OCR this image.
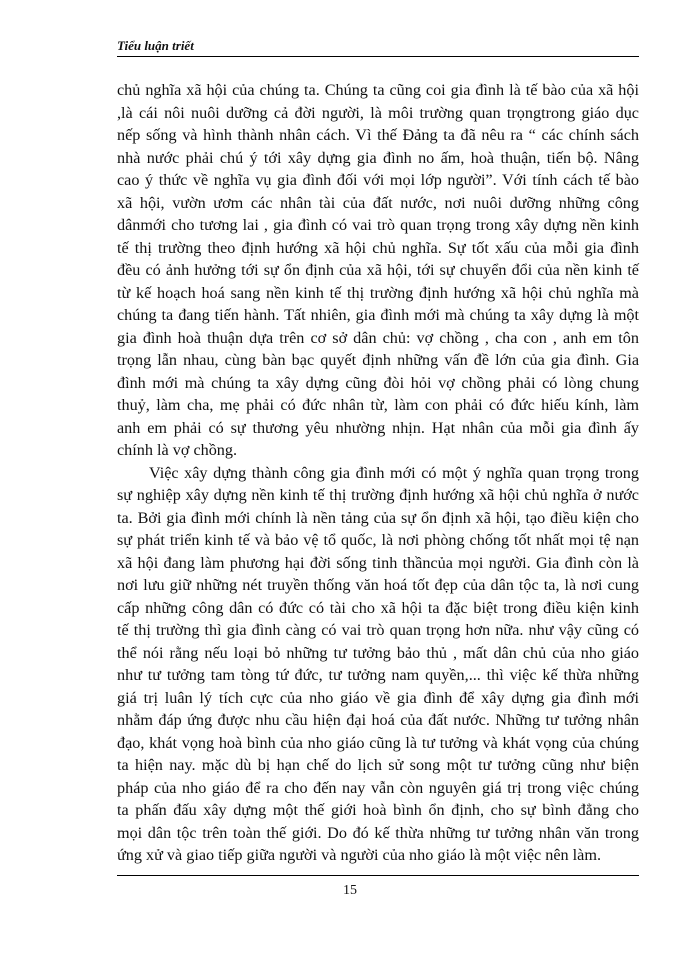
Tiểu luận triết
chủ nghĩa xã hội của chúng ta. Chúng ta cũng coi gia đình là tế bào của xã hội
,là cái nôi nuôi dưỡng cả đời người, là môi trường quan trọngtrong giáo dục
nếp sống và hình thành nhân cách. Vì thế Đảng ta đã nêu ra “ các chính sách
nhà nước phải chú ý tới xây dựng gia đình no ấm, hoà thuận, tiến bộ. Nâng
cao ý thức về nghĩa vụ gia đình đối với mọi lớp người”. Với tính cách tế bào
xã hội, vườn ươm các nhân tài của đất nước, nơi nuôi dưỡng những công
dânmới cho tương lai , gia đình có vai trò quan trọng trong xây dựng nền kinh
tế thị trường theo định hướng xã hội chủ nghĩa. Sự tốt xấu của mỗi gia đình
đều có ảnh hưởng tới sự ổn định của xã hội, tới sự chuyển đổi của nền kinh tế
từ kế hoạch hoá sang nền kinh tế thị trường định hướng xã hội chủ nghĩa mà
chúng ta đang tiến hành. Tất nhiên, gia đình mới mà chúng ta xây dựng là một
gia đình hoà thuận dựa trên cơ sở dân chủ: vợ chồng , cha con , anh em tôn
trọng lẫn nhau, cùng bàn bạc quyết định những vấn đề lớn của gia đình. Gia
đình mới mà chúng ta xây dựng cũng đòi hỏi vợ chồng phải có lòng chung
thuỷ, làm cha, mẹ phải có đức nhân từ, làm con phải có đức hiếu kính, làm
anh em phải có sự thương yêu nhường nhịn. Hạt nhân của mỗi gia đình ấy
chính là vợ chồng.
Việc xây dựng thành công gia đình mới có một ý nghĩa quan trọng trong
sự nghiệp xây dựng nền kinh tế thị trường định hướng xã hội chủ nghĩa ở nước
ta. Bởi gia đình mới chính là nền tảng của sự ổn định xã hội, tạo điều kiện cho
sự phát triển kinh tế và bảo vệ tổ quốc, là nơi phòng chống tốt nhất mọi tệ nạn
xã hội đang làm phương hại đời sống tinh thầncủa mọi người. Gia đình còn là
nơi lưu giữ những nét truyền thống văn hoá tốt đẹp của dân tộc ta, là nơi cung
cấp những công dân có đức có tài cho xã hội ta đặc biệt trong điều kiện kinh
tế thị trường thì gia đình càng có vai trò quan trọng hơn nữa. như vậy cũng có
thể nói rằng nếu loại bỏ những tư tưởng bảo thủ , mất dân chủ của nho giáo
như tư tưởng tam tòng tứ đức, tư tưởng nam quyền,... thì việc kế thừa những
giá trị luân lý tích cực của nho giáo về gia đình để xây dựng gia đình mới
nhằm đáp ứng được nhu cầu hiện đại hoá của đất nước. Những tư tưởng nhân
đạo, khát vọng hoà bình của nho giáo cũng là tư tưởng và khát vọng của chúng
ta hiện nay. mặc dù bị hạn chế do lịch sử song một tư tưởng cũng như biện
pháp của nho giáo để ra cho đến nay vẫn còn nguyên giá trị trong việc chúng
ta phấn đấu xây dựng một thế giới hoà bình ổn định, cho sự bình đẳng cho
mọi dân tộc trên toàn thế giới. Do đó kế thừa những tư tưởng nhân văn trong
ứng xử và giao tiếp giữa người và người của nho giáo là một việc nên làm.
15
